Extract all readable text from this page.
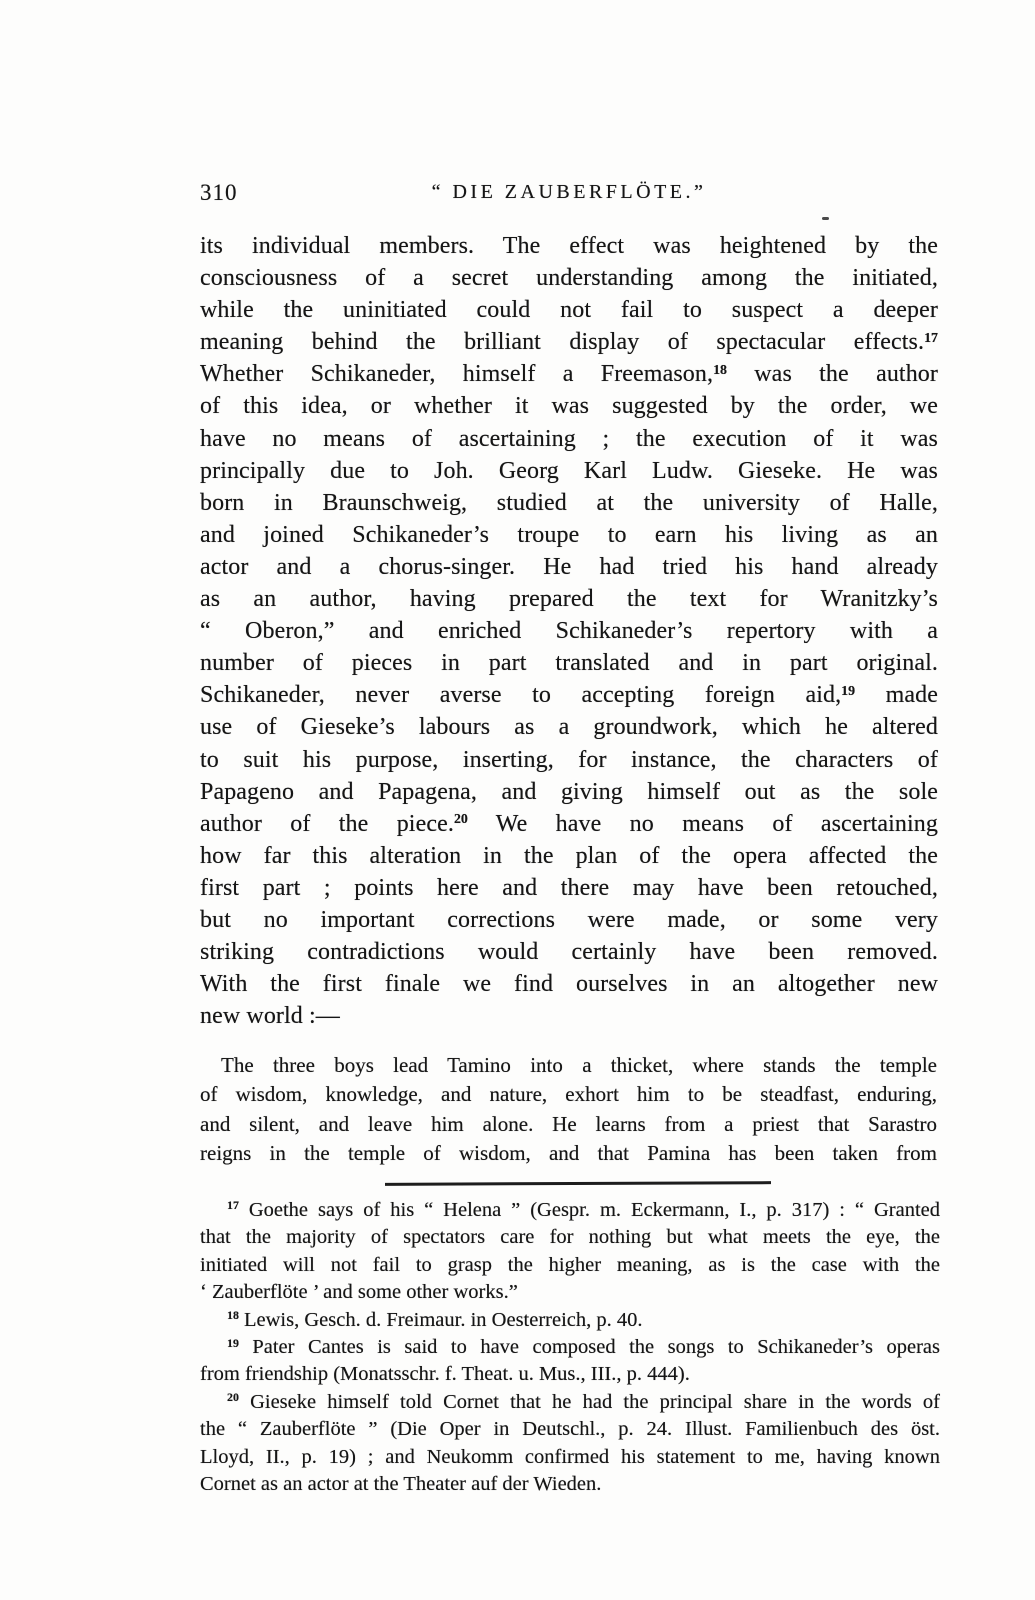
310	“ DIE ZAUBERFLÖTE.”
its individual members. The effect was heightened by the
consciousness of a secret understanding among the initiated,
while the uninitiated could not fail to suspect a deeper
meaning behind the brilliant display of spectacular effects.$^{17}$
Whether Schikaneder, himself a Freemason,$^{18}$ was the author
of this idea, or whether it was suggested by the order, we
have no means of ascertaining ; the execution of it was
principally due to Joh. Georg Karl Ludw. Gieseke. He was
born in Braunschweig, studied at the university of Halle,
and joined Schikaneder’s troupe to earn his living as an
actor and a chorus-singer. He had tried his hand already
as an author, having prepared the text for Wranitzky’s
“ Oberon,” and enriched Schikaneder’s repertory with a
number of pieces in part translated and in part original.
Schikaneder, never averse to accepting foreign aid,$^{19}$ made
use of Gieseke’s labours as a groundwork, which he altered
to suit his purpose, inserting, for instance, the characters of
Papageno and Papagena, and giving himself out as the sole
author of the piece.$^{20}$ We have no means of ascertaining
how far this alteration in the plan of the opera affected the
first part ; points here and there may have been retouched,
but no important corrections were made, or some very
striking contradictions would certainly have been removed.
With the first finale we find ourselves in an altogether new
new world :—
The three boys lead Tamino into a thicket, where stands the temple
of wisdom, knowledge, and nature, exhort him to be steadfast, enduring,
and silent, and leave him alone. He learns from a priest that Sarastro
reigns in the temple of wisdom, and that Pamina has been taken from
$^{17}$ Goethe says of his “ Helena ” (Gespr. m. Eckermann, I., p. 317) : “ Granted
that the majority of spectators care for nothing but what meets the eye, the
initiated will not fail to grasp the higher meaning, as is the case with the
‘ Zauberflöte ’ and some other works.”
$^{18}$ Lewis, Gesch. d. Freimaur. in Oesterreich, p. 40.
$^{19}$ Pater Cantes is said to have composed the songs to Schikaneder’s operas
from friendship (Monatsschr. f. Theat. u. Mus., III., p. 444).
$^{20}$ Gieseke himself told Cornet that he had the principal share in the words of
the “ Zauberflöte ” (Die Oper in Deutschl., p. 24. Illust. Familienbuch des öst.
Lloyd, II., p. 19) ; and Neukomm confirmed his statement to me, having known
Cornet as an actor at the Theater auf der Wieden.
